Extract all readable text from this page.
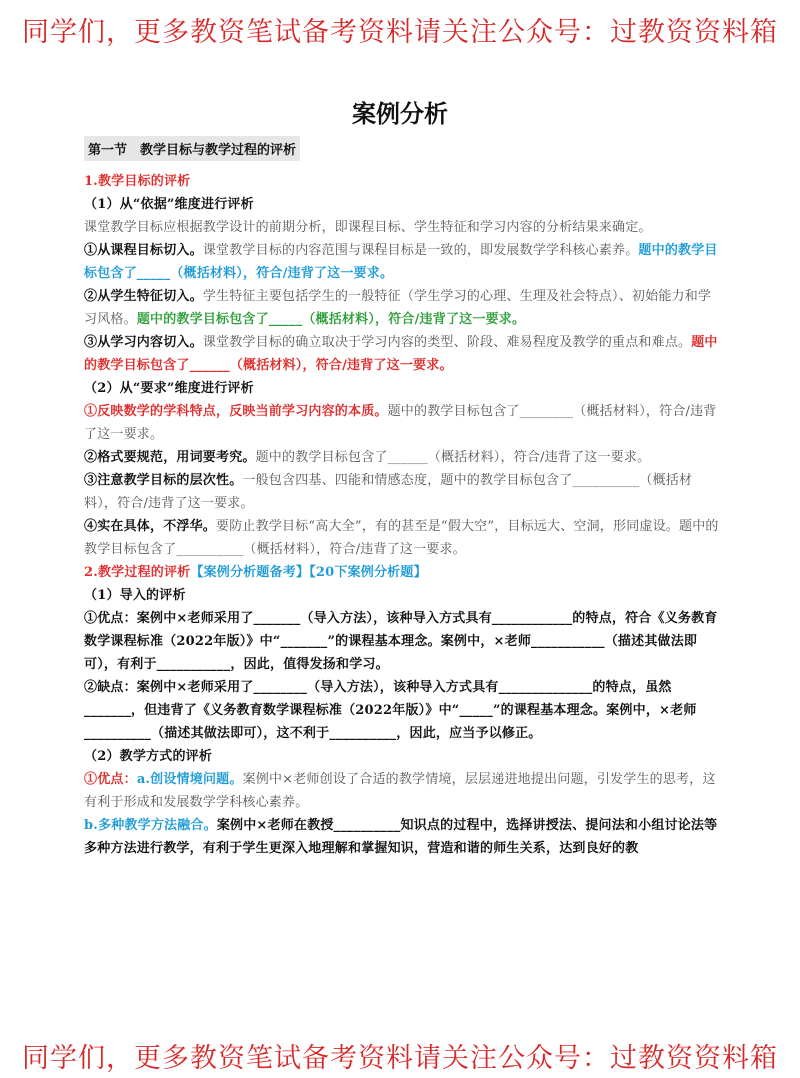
同学们，更多教资笔试备考资料请关注公众号：过教资资料箱
案例分析
第一节　教学目标与教学过程的评析

1.教学目标的评析

（1）从“依据”维度进行评析

课堂教学目标应根据教学设计的前期分析，即课程目标、学生特征和学习内容的分析结果来确定。

①从课程目标切入。课堂教学目标的内容范围与课程目标是一致的，即发展数学学科核心素养。题中的教学目标包含了_____（概括材料），符合/违背了这一要求。

②从学生特征切入。学生特征主要包括学生的一般特征（学生学习的心理、生理及社会特点）、初始能力和学习风格。题中的教学目标包含了_____（概括材料），符合/违背了这一要求。

③从学习内容切入。课堂教学目标的确立取决于学习内容的类型、阶段、难易程度及教学的重点和难点。题中的教学目标包含了______（概括材料），符合/违背了这一要求。

（2）从“要求”维度进行评析

①反映数学的学科特点，反映当前学习内容的本质。题中的教学目标包含了________（概括材料），符合/违背了这一要求。

②格式要规范，用词要考究。题中的教学目标包含了______（概括材料），符合/违背了这一要求。

③注意教学目标的层次性。一般包含四基、四能和情感态度，题中的教学目标包含了__________（概括材料），符合/违背了这一要求。

④实在具体，不浮华。要防止教学目标“高大全”，有的甚至是“假大空”，目标远大、空洞，形同虚设。题中的教学目标包含了__________（概括材料），符合/违背了这一要求。

2.教学过程的评析【案例分析题备考】【20下案例分析题】

（1）导入的评析

①优点：案例中×老师采用了_______（导入方法），该种导入方式具有____________的特点，符合《义务教育数学课程标准（2022年版）》中“_______”的课程基本理念。案例中，×老师___________（描述其做法即可），有利于___________，因此，值得发扬和学习。

②缺点：案例中×老师采用了________（导入方法），该种导入方式具有______________的特点，虽然_______，但违背了《义务教育数学课程标准（2022年版）》中“_____”的课程基本理念。案例中，×老师__________（描述其做法即可），这不利于__________，因此，应当予以修正。

（2）教学方式的评析

①优点：a.创设情境问题。案例中×老师创设了合适的教学情境，层层递进地提出问题，引发学生的思考，这有利于形成和发展数学学科核心素养。

b.多种教学方法融合。案例中×老师在教授__________知识点的过程中，选择讲授法、提问法和小组讨论法等多种方法进行教学，有利于学生更深入地理解和掌握知识，营造和谐的师生关系，达到良好的教

同学们，更多教资笔试备考资料请关注公众号：过教资资料箱
